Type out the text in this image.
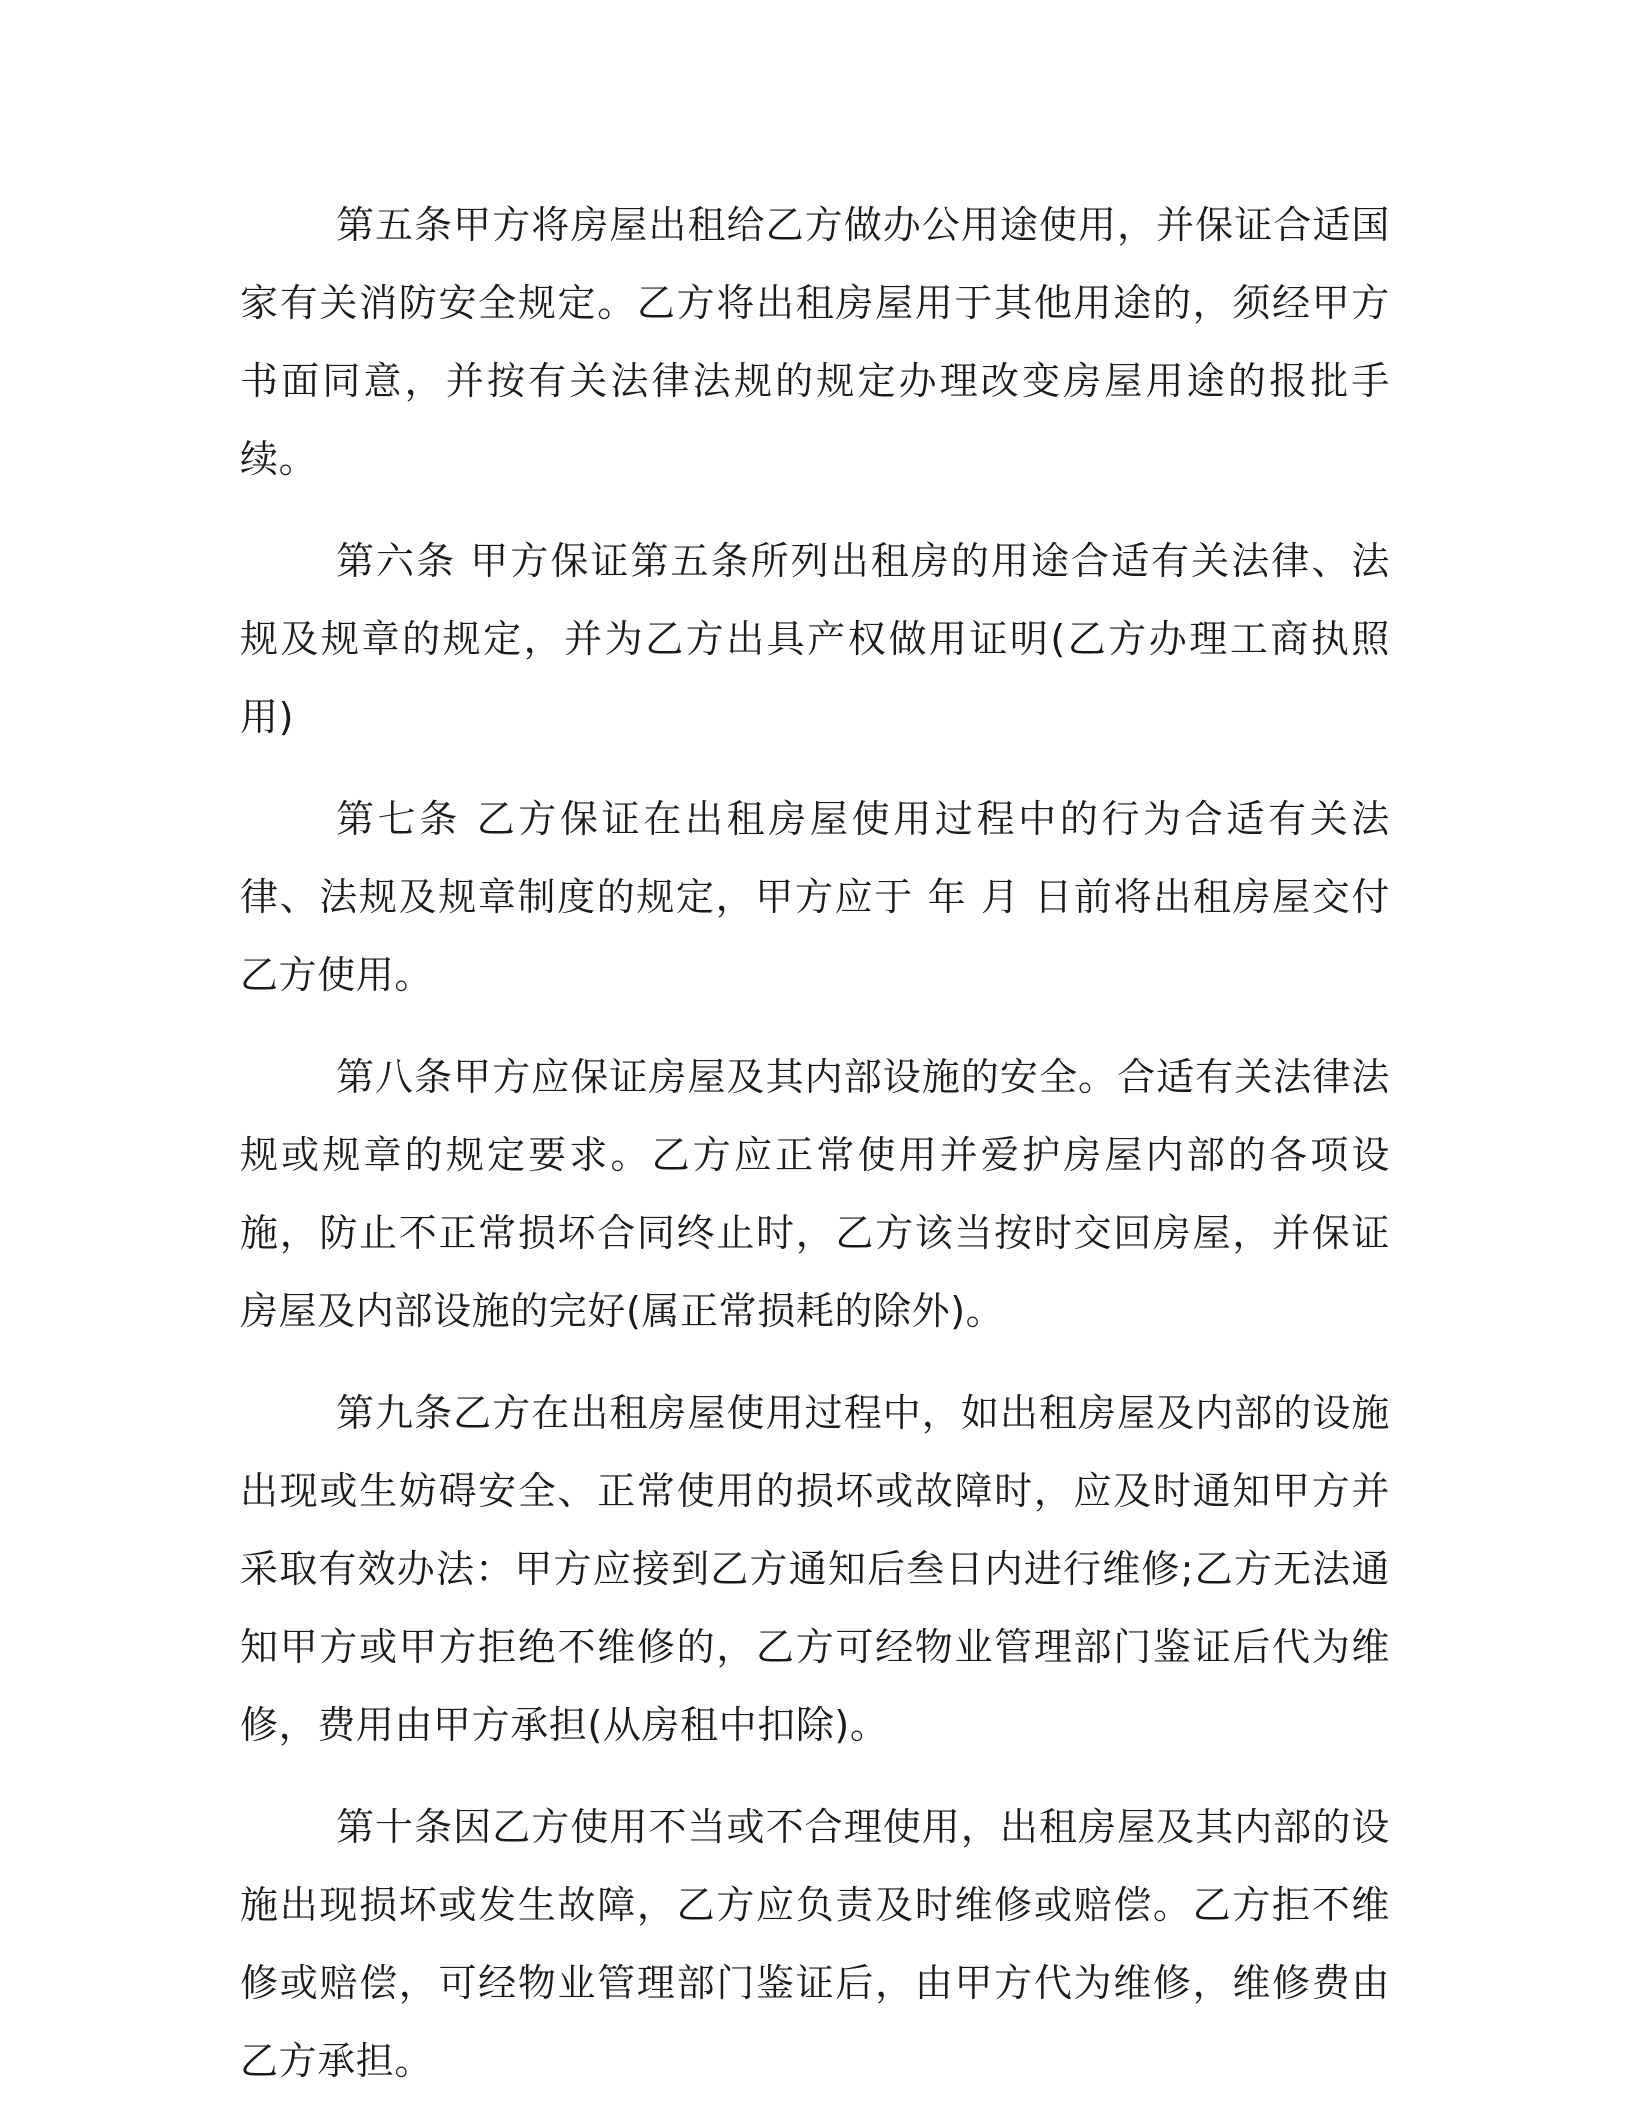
第五条甲方将房屋出租给乙方做办公用途使用，并保证合适国家有关消防安全规定。乙方将出租房屋用于其他用途的，须经甲方书面同意，并按有关法律法规的规定办理改变房屋用途的报批手续。

第六条 甲方保证第五条所列出租房的用途合适有关法律、法规及规章的规定，并为乙方出具产权做用证明(乙方办理工商执照用)

第七条 乙方保证在出租房屋使用过程中的行为合适有关法律、法规及规章制度的规定，甲方应于 年 月 日前将出租房屋交付乙方使用。

第八条甲方应保证房屋及其内部设施的安全。合适有关法律法规或规章的规定要求。乙方应正常使用并爱护房屋内部的各项设施，防止不正常损坏合同终止时，乙方该当按时交回房屋，并保证房屋及内部设施的完好(属正常损耗的除外)。

第九条乙方在出租房屋使用过程中，如出租房屋及内部的设施出现或生妨碍安全、正常使用的损坏或故障时，应及时通知甲方并采取有效办法：甲方应接到乙方通知后叁日内进行维修;乙方无法通知甲方或甲方拒绝不维修的，乙方可经物业管理部门鉴证后代为维修，费用由甲方承担(从房租中扣除)。

第十条因乙方使用不当或不合理使用，出租房屋及其内部的设施出现损坏或发生故障，乙方应负责及时维修或赔偿。乙方拒不维修或赔偿，可经物业管理部门鉴证后，由甲方代为维修，维修费由乙方承担。
